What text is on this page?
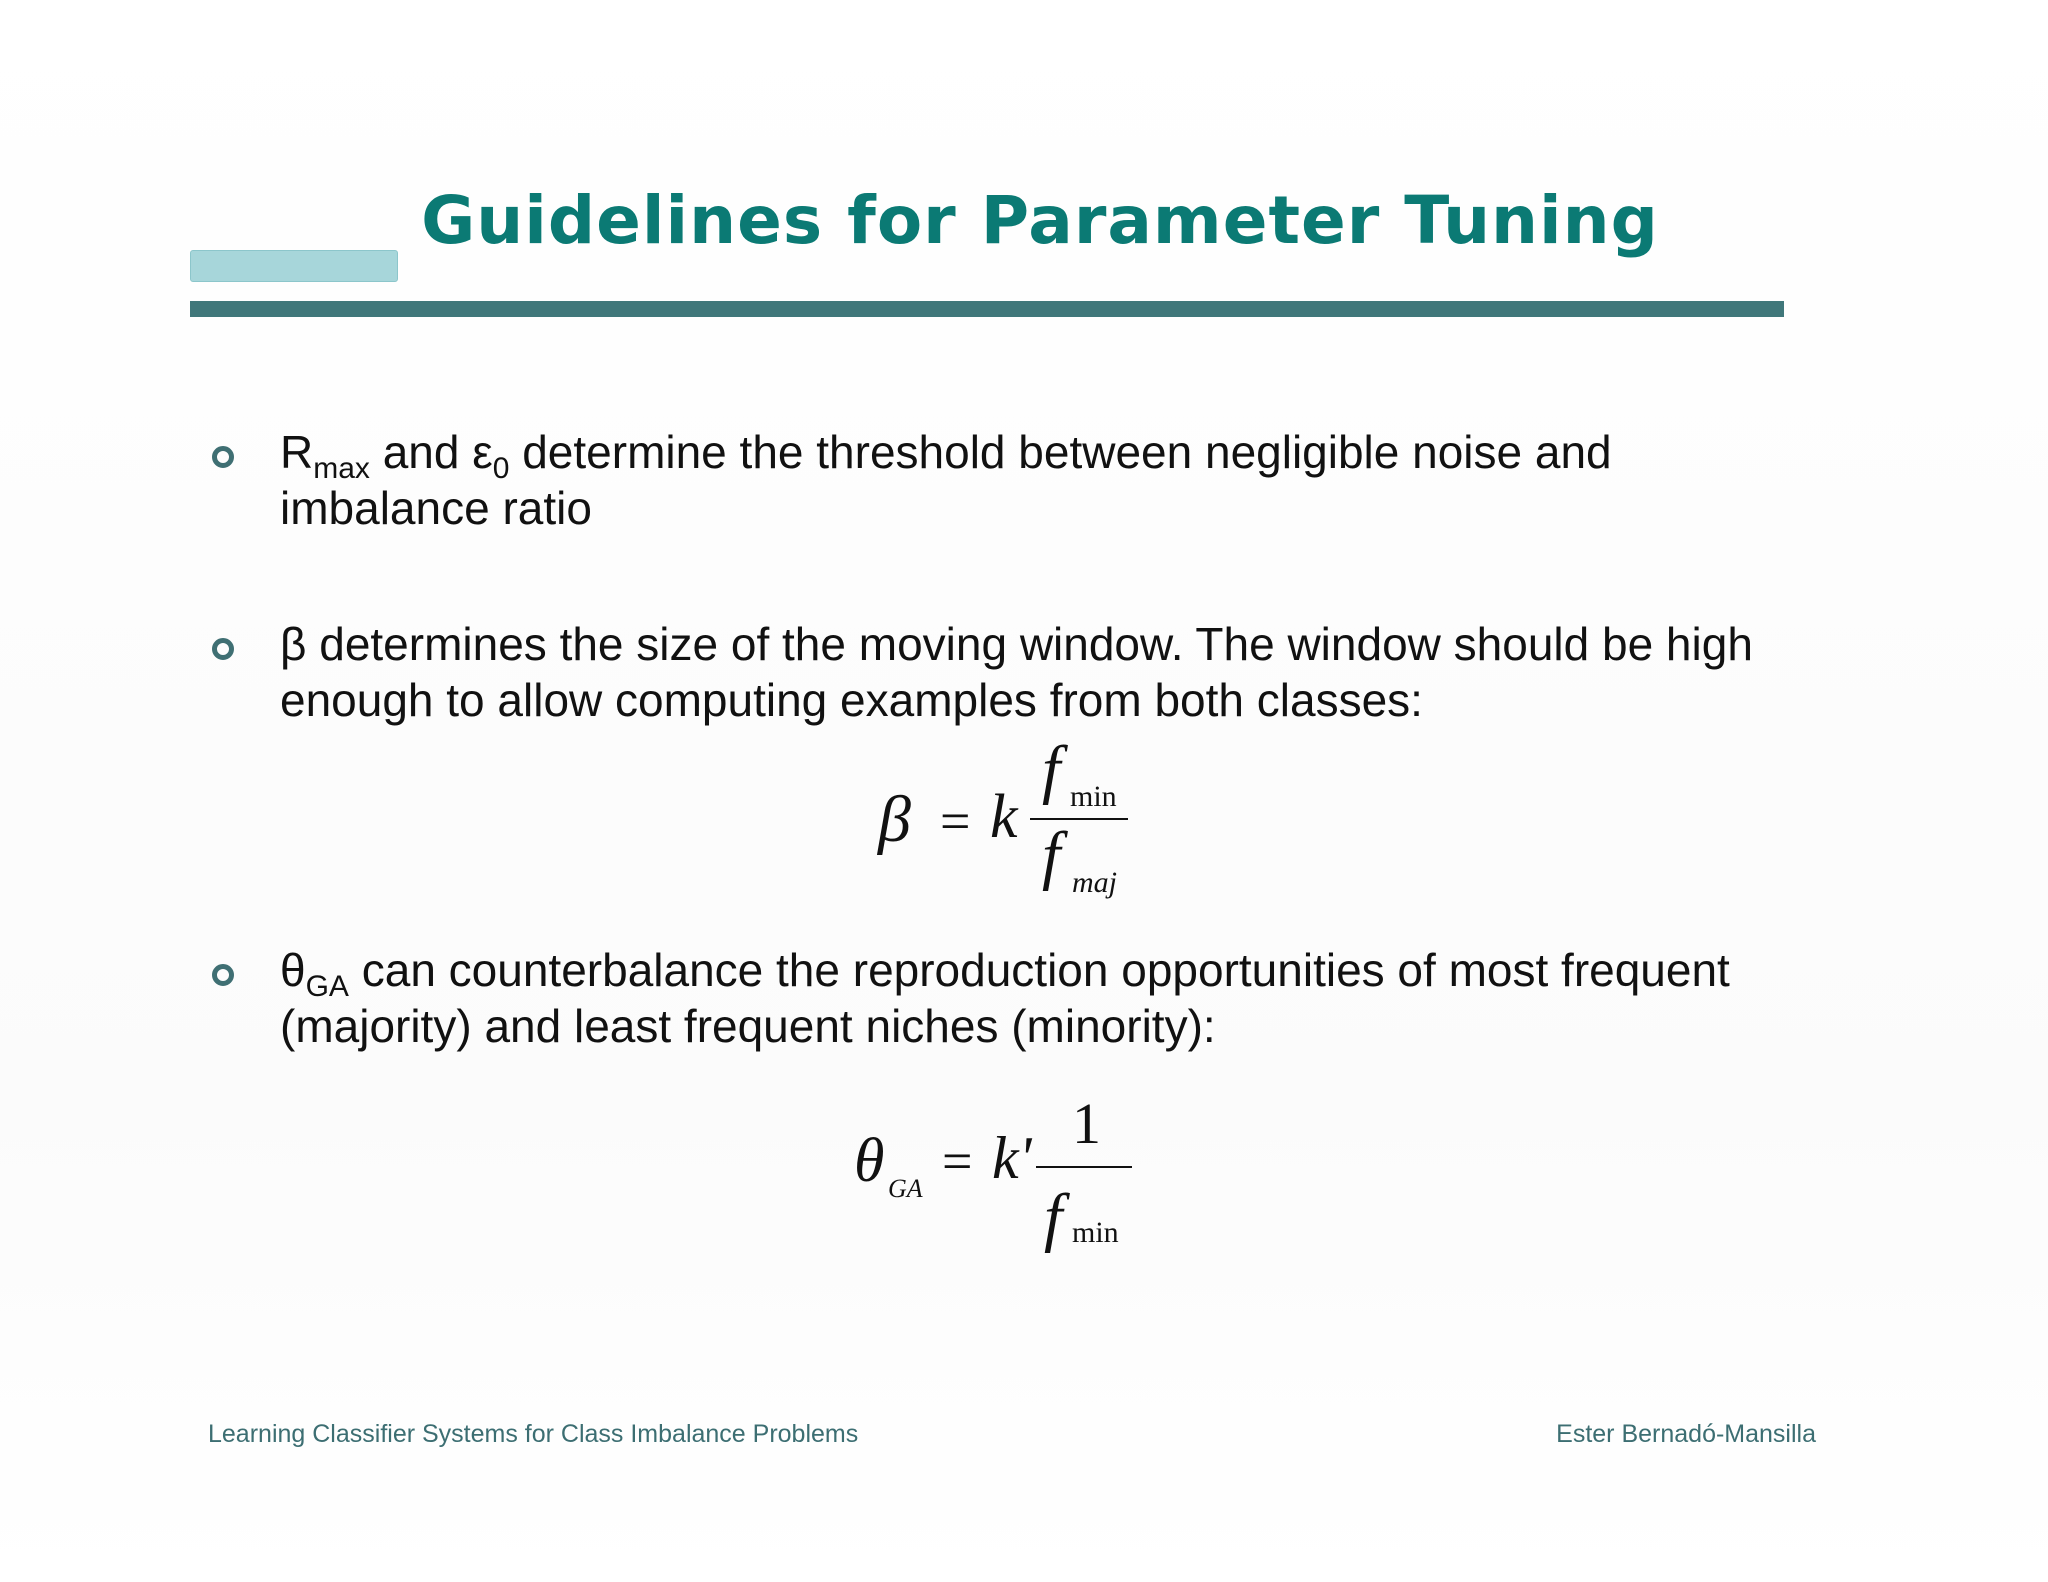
Guidelines for Parameter Tuning
$R_{max}$ and $\varepsilon_0$ determine the threshold between negligible noise and imbalance ratio
β determines the size of the moving window. The window should be high enough to allow computing examples from both classes:
β = k
f min
f maj
$\theta_{GA}$ can counterbalance the reproduction opportunities of most frequent (majority) and least frequent niches (minority):
θ GA = k'
1
f min
Learning Classifier Systems for Class Imbalance Problems	Ester Bernadó-Mansilla
